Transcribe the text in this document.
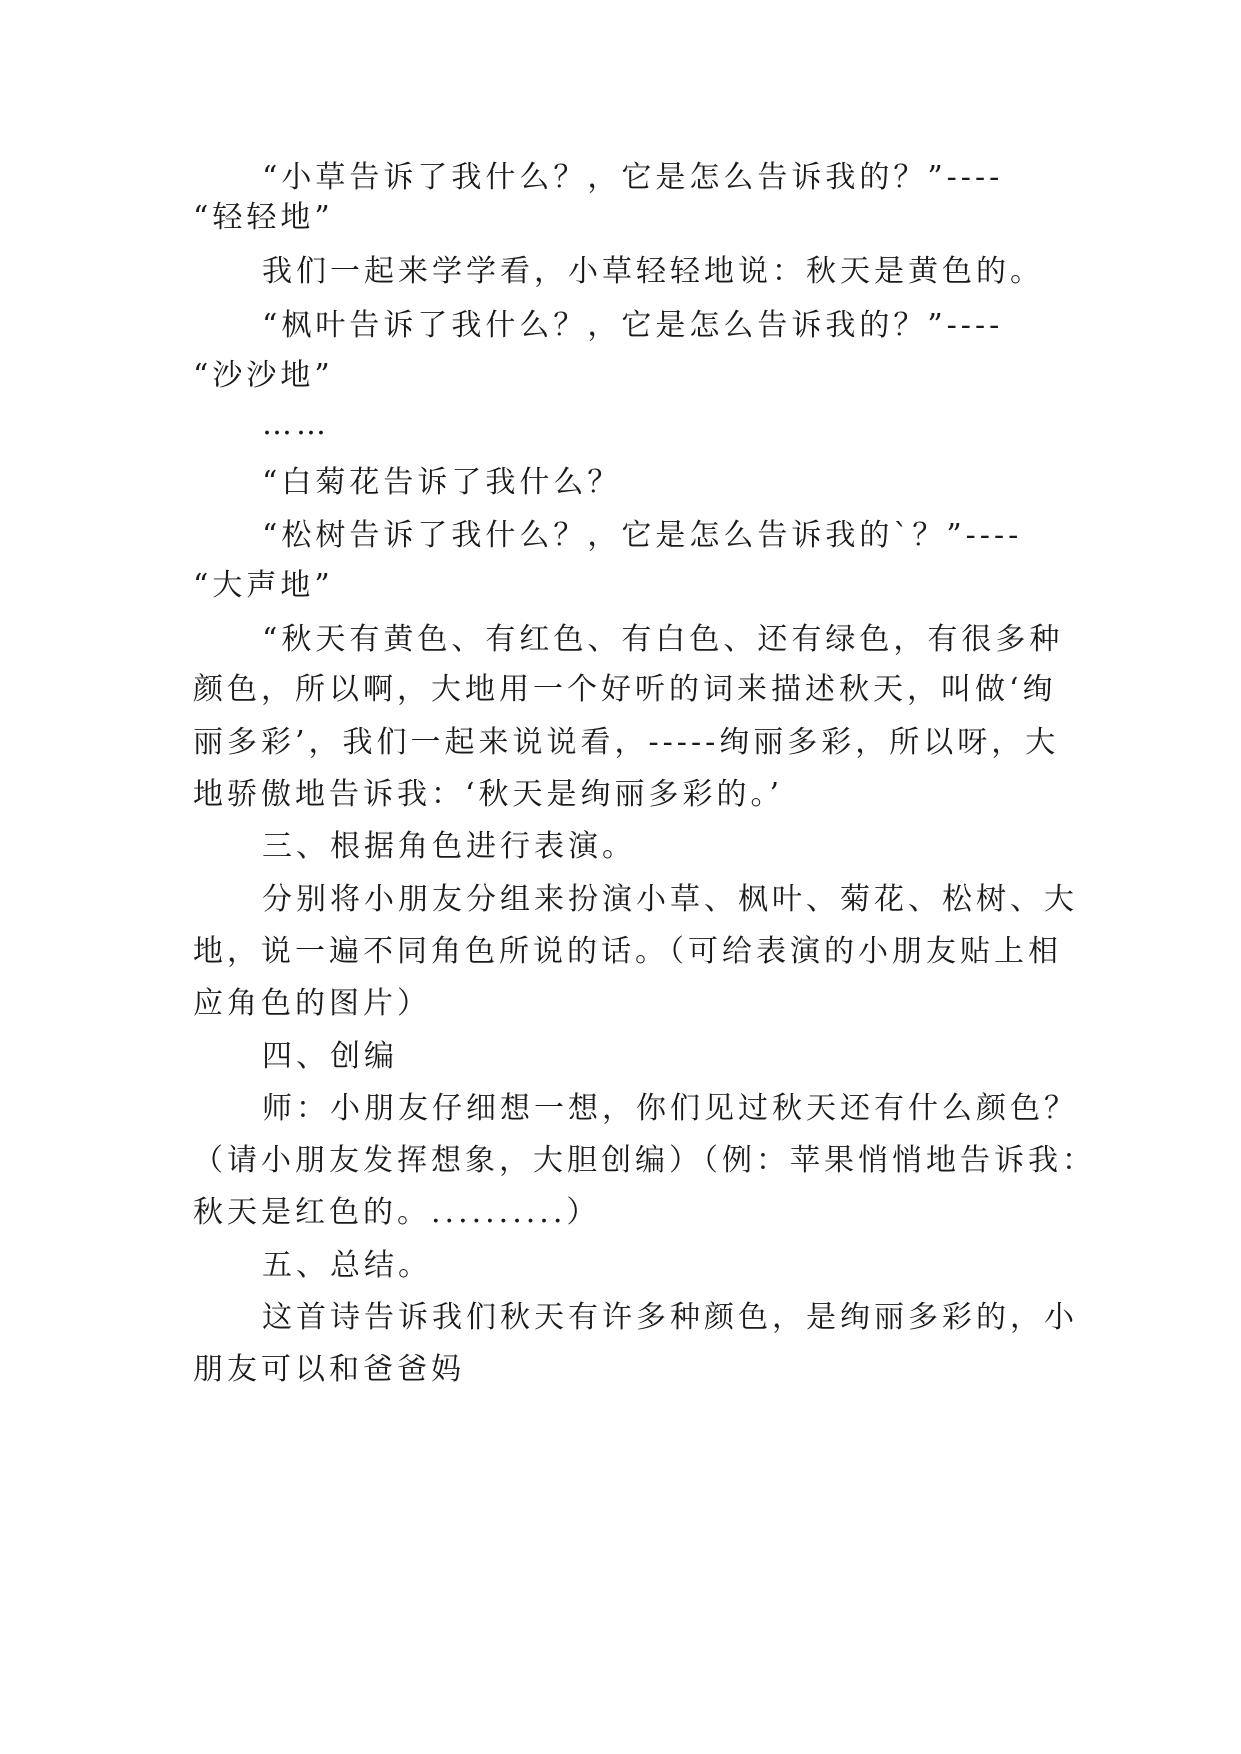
“小草告诉了我什么？，它是怎么告诉我的？”----
“轻轻地”
我们一起来学学看，小草轻轻地说：秋天是黄色的。
“枫叶告诉了我什么？，它是怎么告诉我的？”----
“沙沙地”
……
“白菊花告诉了我什么？
“松树告诉了我什么？，它是怎么告诉我的`？”----
“大声地”
“秋天有黄色、有红色、有白色、还有绿色，有很多种
颜色，所以啊，大地用一个好听的词来描述秋天，叫做‘绚
丽多彩’，我们一起来说说看，-----绚丽多彩，所以呀，大
地骄傲地告诉我：‘秋天是绚丽多彩的。’
三、根据角色进行表演。
分别将小朋友分组来扮演小草、枫叶、菊花、松树、大
地，说一遍不同角色所说的话。（可给表演的小朋友贴上相
应角色的图片）
四、创编
师：小朋友仔细想一想，你们见过秋天还有什么颜色？
（请小朋友发挥想象，大胆创编）（例：苹果悄悄地告诉我：
秋天是红色的。..........）
五、总结。
这首诗告诉我们秋天有许多种颜色，是绚丽多彩的，小
朋友可以和爸爸妈
